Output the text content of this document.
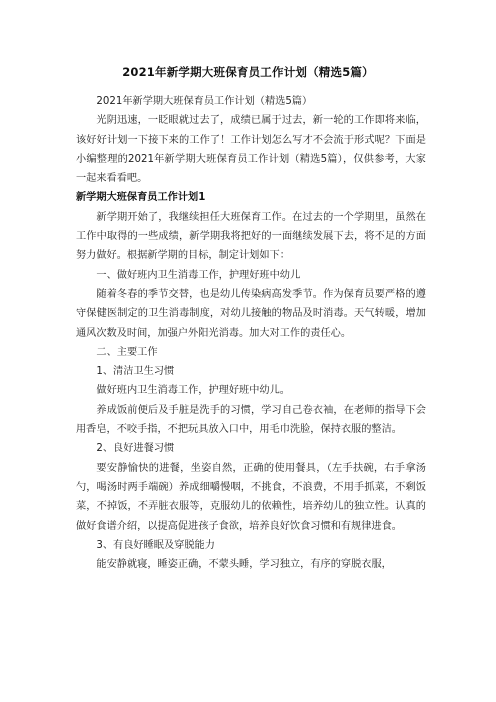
2021年新学期大班保育员工作计划（精选5篇）

2021年新学期大班保育员工作计划（精选5篇）

光阴迅速，一眨眼就过去了，成绩已属于过去，新一轮的工作即将来临，该好好计划一下接下来的工作了！工作计划怎么写才不会流于形式呢？下面是小编整理的2021年新学期大班保育员工作计划（精选5篇），仅供参考，大家一起来看看吧。

新学期大班保育员工作计划1

新学期开始了，我继续担任大班保育工作。在过去的一个学期里，虽然在工作中取得的一些成绩，新学期我将把好的一面继续发展下去，将不足的方面努力做好。根据新学期的目标，制定计划如下：

一、做好班内卫生消毒工作，护理好班中幼儿

随着冬春的季节交替，也是幼儿传染病高发季节。作为保育员要严格的遵守保健医制定的卫生消毒制度，对幼儿接触的物品及时消毒。天气转暖，增加通风次数及时间，加强户外阳光消毒。加大对工作的责任心。

二、主要工作

1、清洁卫生习惯

做好班内卫生消毒工作，护理好班中幼儿。

养成饭前便后及手脏是洗手的习惯，学习自己卷衣袖，在老师的指导下会用香皂，不咬手指，不把玩具放入口中，用毛巾洗脸，保持衣服的整洁。

2、良好进餐习惯

要安静愉快的进餐，坐姿自然，正确的使用餐具，（左手扶碗，右手拿汤勺，喝汤时两手端碗）养成细嚼慢咽，不挑食，不浪费，不用手抓菜，不剩饭菜，不掉饭，不弄脏衣服等，克服幼儿的依赖性，培养幼儿的独立性。认真的做好食谱介绍，以提高促进孩子食欲，培养良好饮食习惯和有规律进食。

3、有良好睡眠及穿脱能力

能安静就寝，睡姿正确，不蒙头睡，学习独立，有序的穿脱衣服，
